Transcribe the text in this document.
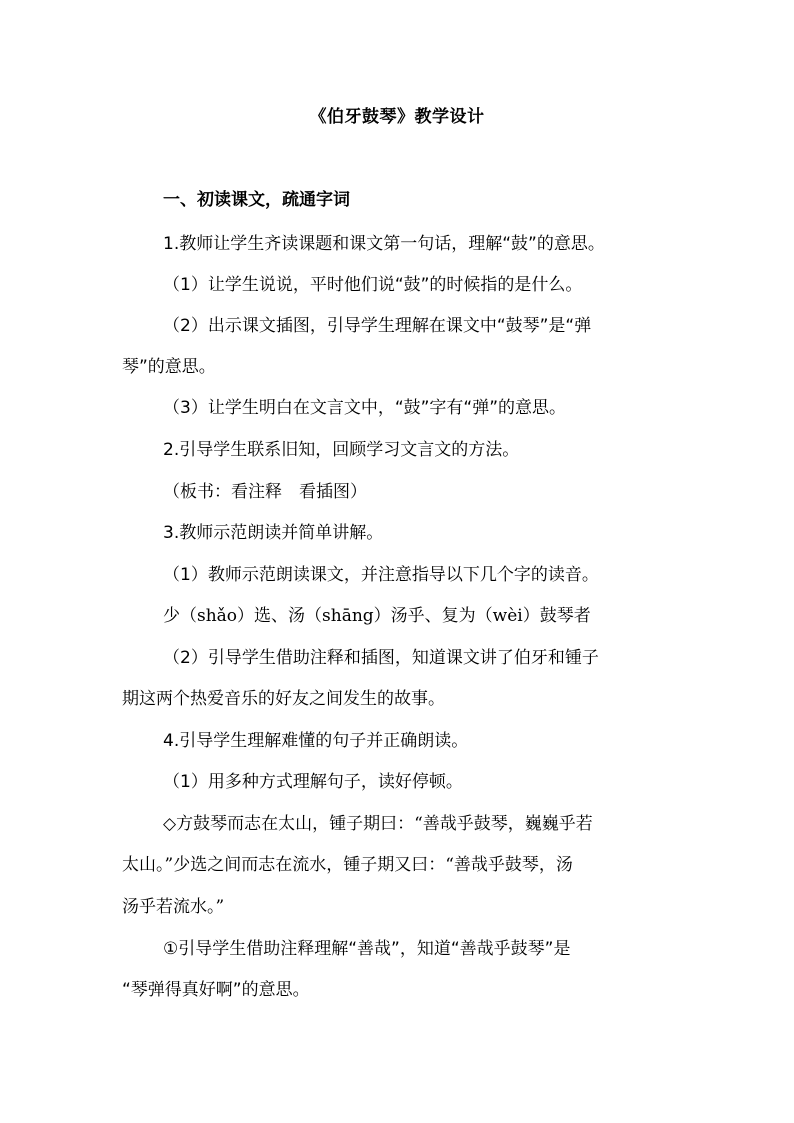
《伯牙鼓琴》教学设计
一、初读课文，疏通字词
1.教师让学生齐读课题和课文第一句话，理解“鼓”的意思。
（1）让学生说说，平时他们说“鼓”的时候指的是什么。
（2）出示课文插图，引导学生理解在课文中“鼓琴”是“弹
琴”的意思。
（3）让学生明白在文言文中，“鼓”字有“弹”的意思。
2.引导学生联系旧知，回顾学习文言文的方法。
（板书：看注释　看插图）
3.教师示范朗读并简单讲解。
（1）教师示范朗读课文，并注意指导以下几个字的读音。
少（shǎo）选、汤（shāng）汤乎、复为（wèi）鼓琴者
（2）引导学生借助注释和插图，知道课文讲了伯牙和锺子
期这两个热爱音乐的好友之间发生的故事。
4.引导学生理解难懂的句子并正确朗读。
（1）用多种方式理解句子，读好停顿。
◇方鼓琴而志在太山，锺子期曰：“善哉乎鼓琴，巍巍乎若
太山。”少选之间而志在流水，锺子期又曰：“善哉乎鼓琴，汤
汤乎若流水。”
①引导学生借助注释理解“善哉”，知道“善哉乎鼓琴”是
“琴弹得真好啊”的意思。
